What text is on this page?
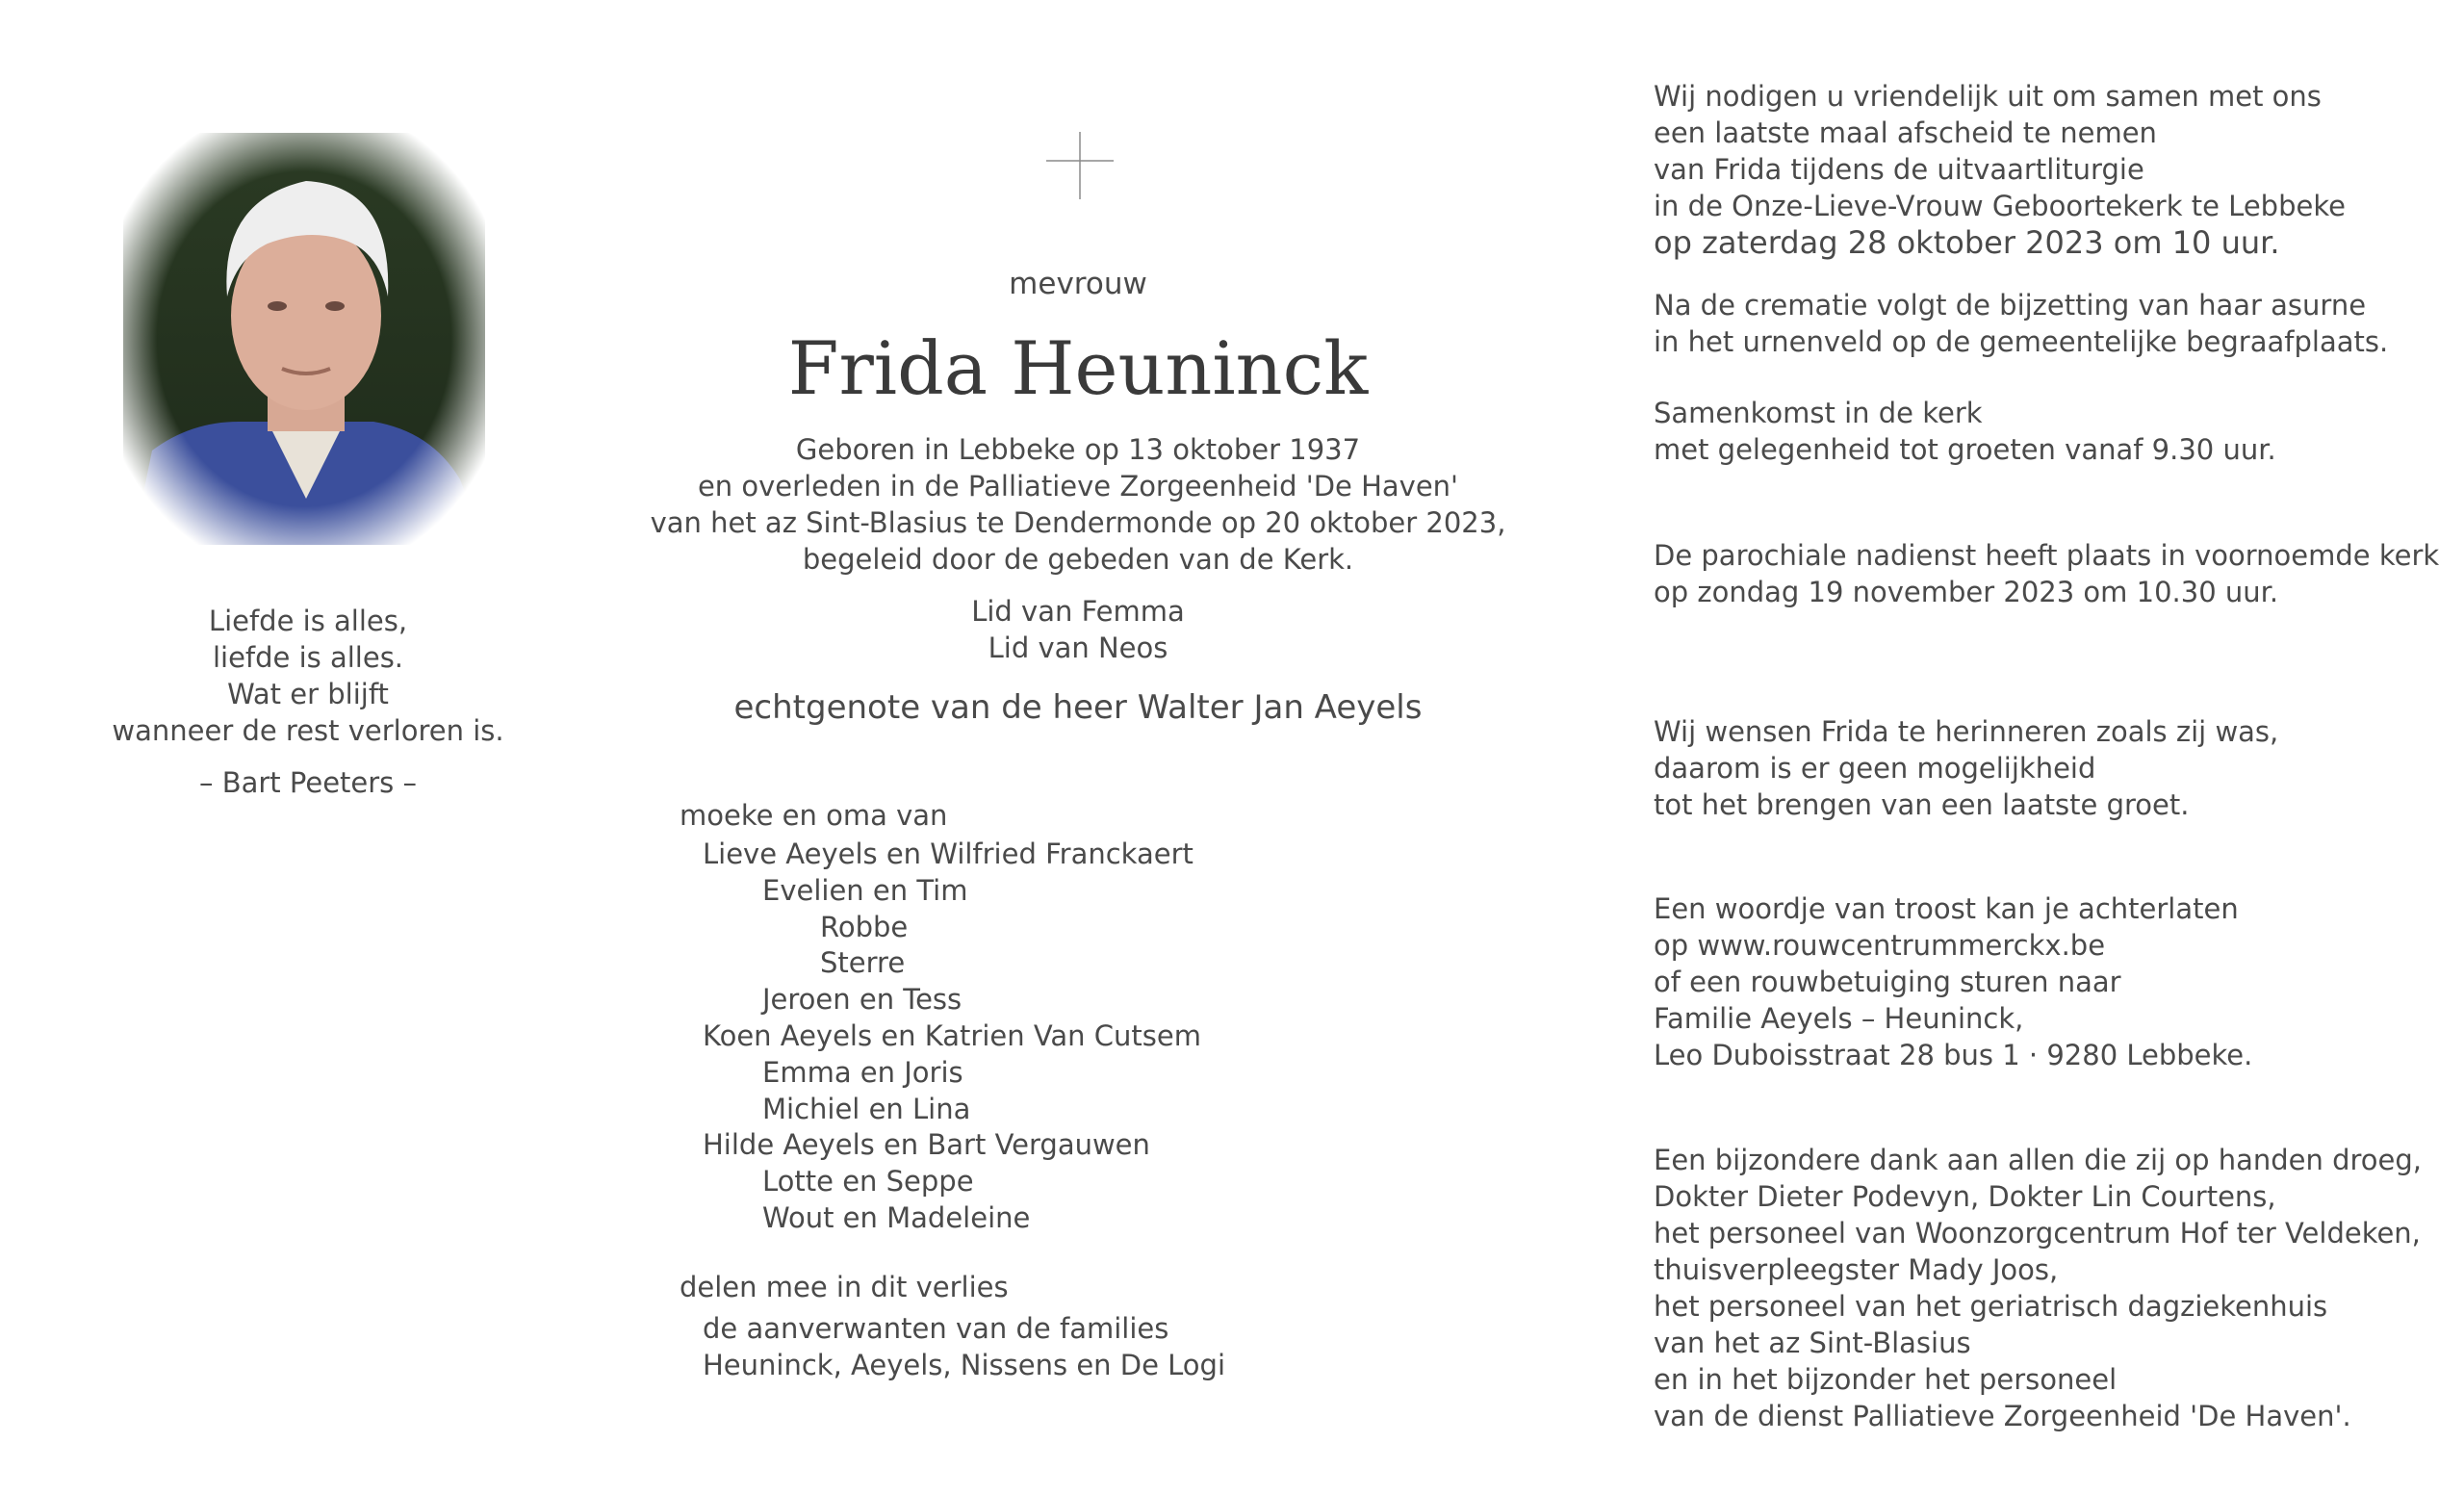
Liefde is alles,
liefde is alles.
Wat er blijft
wanneer de rest verloren is.
– Bart Peeters –
mevrouw
Frida Heuninck
Geboren in Lebbeke op 13 oktober 1937
en overleden in de Palliatieve Zorgeenheid 'De Haven'
van het az Sint-Blasius te Dendermonde op 20 oktober 2023,
begeleid door de gebeden van de Kerk.
Lid van Femma
Lid van Neos
echtgenote van de heer Walter Jan Aeyels
moeke en oma van
Lieve Aeyels en Wilfried Franckaert
Evelien en Tim
Robbe
Sterre
Jeroen en Tess
Koen Aeyels en Katrien Van Cutsem
Emma en Joris
Michiel en Lina
Hilde Aeyels en Bart Vergauwen
Lotte en Seppe
Wout en Madeleine
delen mee in dit verlies
de aanverwanten van de families
Heuninck, Aeyels, Nissens en De Logi
Wij nodigen u vriendelijk uit om samen met ons
een laatste maal afscheid te nemen
van Frida tijdens de uitvaartliturgie
in de Onze-Lieve-Vrouw Geboortekerk te Lebbeke
op zaterdag 28 oktober 2023 om 10 uur.
Na de crematie volgt de bijzetting van haar asurne
in het urnenveld op de gemeentelijke begraafplaats.
Samenkomst in de kerk
met gelegenheid tot groeten vanaf 9.30 uur.
De parochiale nadienst heeft plaats in voornoemde kerk
op zondag 19 november 2023 om 10.30 uur.
Wij wensen Frida te herinneren zoals zij was,
daarom is er geen mogelijkheid
tot het brengen van een laatste groet.
Een woordje van troost kan je achterlaten
op www.rouwcentrummerckx.be
of een rouwbetuiging sturen naar
Familie Aeyels – Heuninck,
Leo Duboisstraat 28 bus 1 · 9280 Lebbeke.
Een bijzondere dank aan allen die zij op handen droeg,
Dokter Dieter Podevyn, Dokter Lin Courtens,
het personeel van Woonzorgcentrum Hof ter Veldeken,
thuisverpleegster Mady Joos,
het personeel van het geriatrisch dagziekenhuis
van het az Sint-Blasius
en in het bijzonder het personeel
van de dienst Palliatieve Zorgeenheid 'De Haven'.
